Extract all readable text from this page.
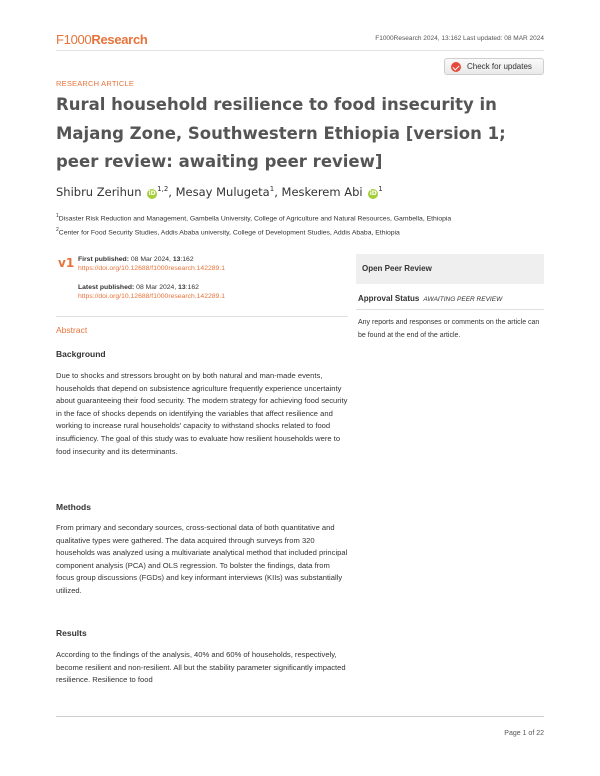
F1000Research	F1000Research 2024, 13:162 Last updated: 08 MAR 2024
Check for updates
RESEARCH ARTICLE
Rural household resilience to food insecurity in Majang Zone, Southwestern Ethiopia [version 1; peer review: awaiting peer review]
Shibru Zerihun iD$^{1,2}$, Mesay Mulugeta$^1$, Meskerem Abi $iD^1$
$^1$Disaster Risk Reduction and Management, Gambella University, College of Agriculture and Natural Resources, Gambella, Ethiopia
$^2$Center for Food Security Studies, Addis Ababa university, College of Development Studies, Addis Ababa, Ethiopia
v1 First published: 08 Mar 2024, 13:162
https://doi.org/10.12688/f1000research.142289.1
Latest published: 08 Mar 2024, 13:162
https://doi.org/10.12688/f1000research.142289.1
Abstract
Background

Due to shocks and stressors brought on by both natural and man-made events, households that depend on subsistence agriculture frequently experience uncertainty about guaranteeing their food security. The modern strategy for achieving food security in the face of shocks depends on identifying the variables that affect resilience and working to increase rural households' capacity to withstand shocks related to food insufficiency. The goal of this study was to evaluate how resilient households were to food insecurity and its determinants.

Methods

From primary and secondary sources, cross-sectional data of both quantitative and qualitative types were gathered. The data acquired through surveys from 320 households was analyzed using a multivariate analytical method that included principal component analysis (PCA) and OLS regression. To bolster the findings, data from focus group discussions (FGDs) and key informant interviews (KIIs) was substantially utilized.

Results

According to the findings of the analysis, 40% and 60% of households, respectively, become resilient and non-resilient. All but the stability parameter significantly impacted resilience. Resilience to food

Open Peer Review
Approval Status AWAITING PEER REVIEW

Any reports and responses or comments on the article can be found at the end of the article.

Page 1 of 22
